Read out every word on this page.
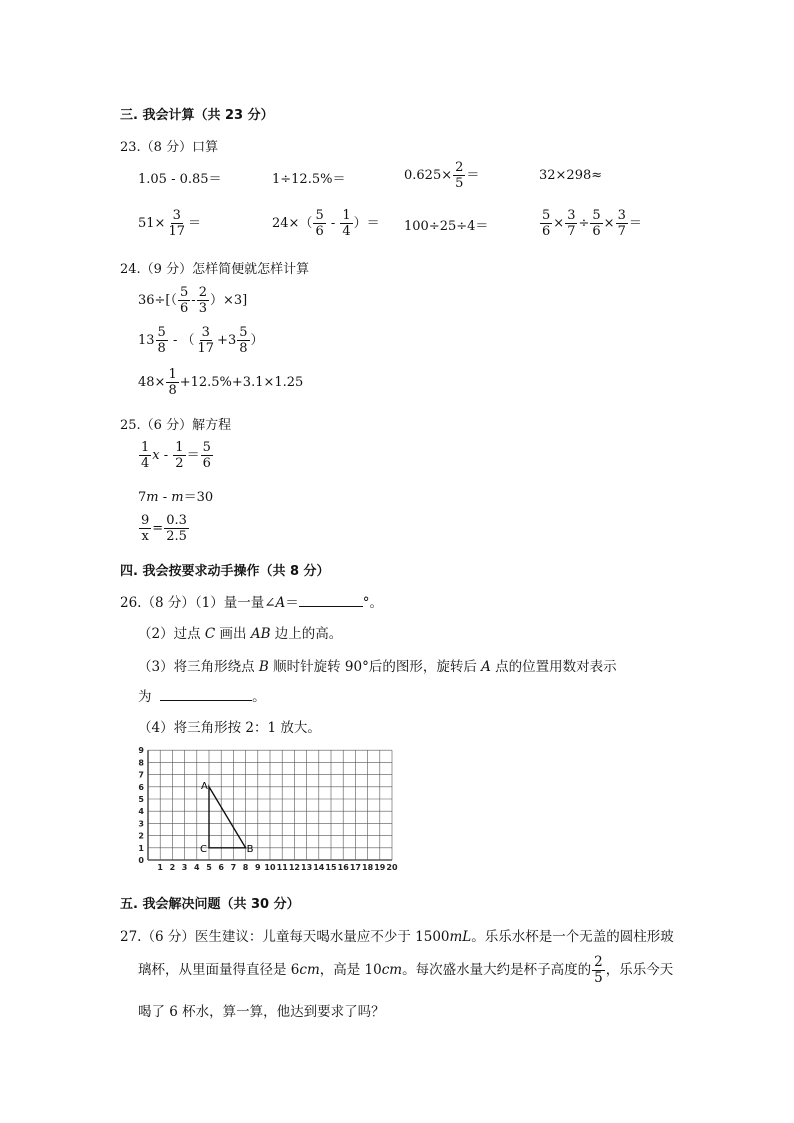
三. 我会计算（共 23 分）
23.（8 分）口算
1.05 - 0.85＝	1÷12.5%＝	$0.625\times \frac{2}{5}$ ＝	32×298≈
$51\times \frac{3}{17}$ ＝	$24\times( \frac{5}{6} - \frac{1}{4}$ ）＝ 100÷25÷4＝	$\frac{5}{6} \times \frac{3}{7} \div \frac{5}{6} \times \frac{3}{7}$ ＝
24.（9 分）怎样简便就怎样计算
$36\div[( \frac{5}{6} - \frac{2}{3} )\times 3]$
$13 \frac{5}{8}$ - （ $\frac{3}{17} +3 \frac{5}{8}$ ）
$48\times \frac{1}{8} +12.5\%+3.1\times 1.25$
25.（6 分）解方程
$\frac{1}{4}$ $x - \frac{1}{2} = \frac{5}{6}$
7m - m＝30
$\frac{9}{x} = \frac{0.3}{2.5}$
四. 我会按要求动手操作（共 8 分）
26.（8 分）（1）量一量∠A＝	°。
（2）过点 C 画出 AB 边上的高。
（3）将三角形绕点 B 顺时针旋转 90°后的图形，旋转后 A 点的位置用数对表示
为	。
（4）将三角形按 2：1 放大。
1 2 3 4 5 6 7 8 9 10 11 12 13 14 15 16 17 18 19 20
0
1
2
3
4
5
6
7
8
9
A
C	B
五. 我会解决问题（共 30 分）
27.（6 分）医生建议：儿童每天喝水量应不少于 1500mL。乐乐水杯是一个无盖的圆柱形玻
璃杯，从里面量得直径是 6cm，高是 10cm。每次盛水量大约是杯子高度的 $\frac{2}{5}$ ，乐乐今天
喝了 6 杯水，算一算，他达到要求了吗？
